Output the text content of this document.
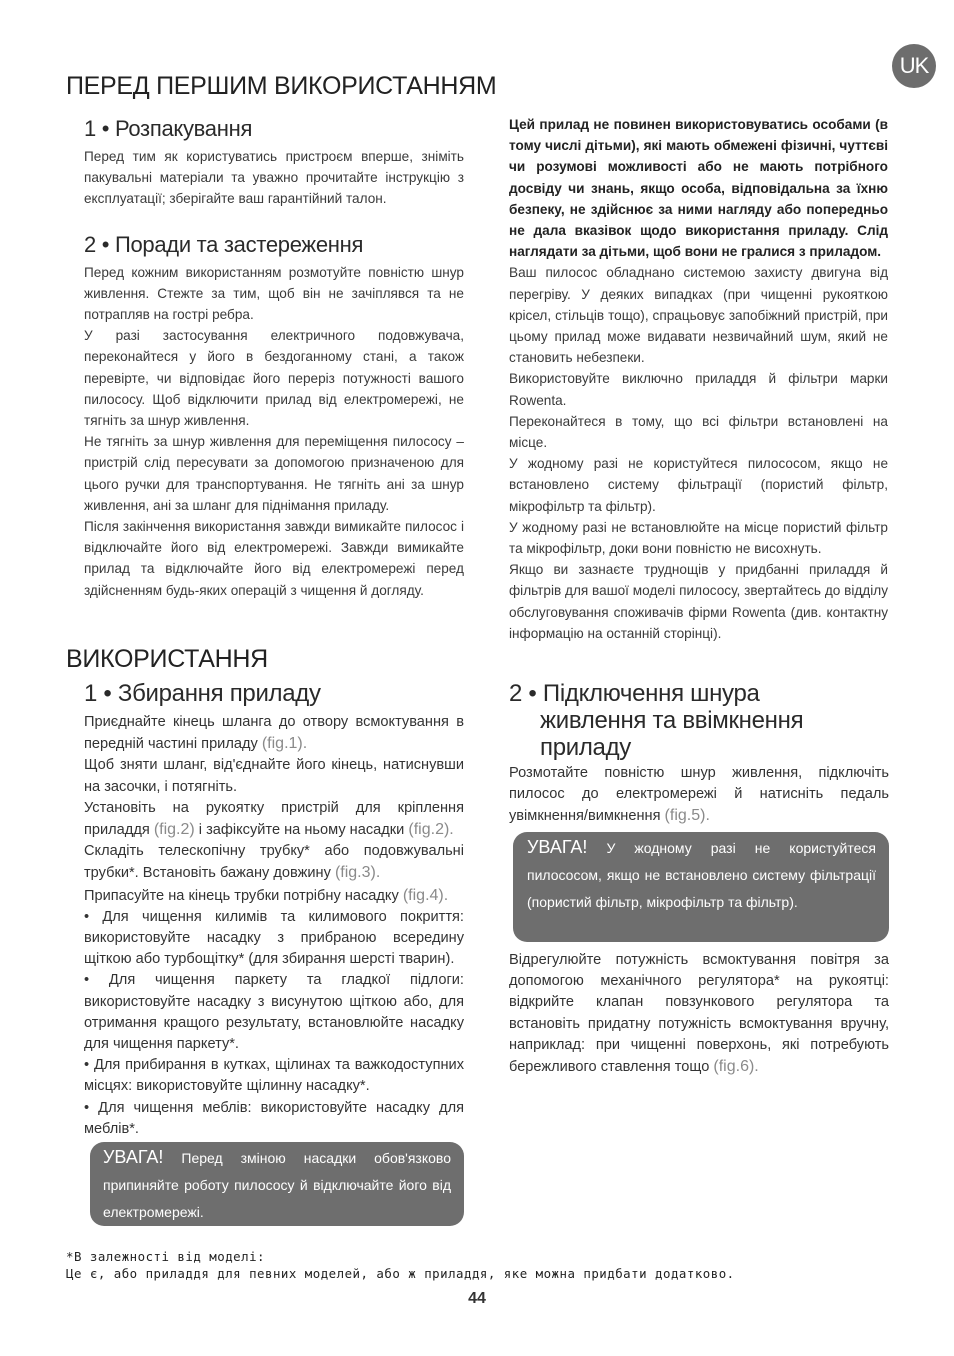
UK
ПЕРЕД ПЕРШИМ ВИКОРИСТАННЯМ
1 • Розпакування

Перед тим як користуватись пристроєм вперше, зніміть пакувальні матеріали та уважно прочитайте інструкцію з експлуатації; зберігайте ваш гарантійний талон.

2 • Поради та застереження

Перед кожним використанням розмотуйте повністю шнур живлення. Стежте за тим, щоб він не зачіплявся та не потрапляв на гострі ребра.

У разі застосування електричного подовжувача, переконайтеся у його в бездоганному стані, а також перевірте, чи відповідає його переріз потужності вашого пилососу. Щоб відключити прилад від електромережі, не тягніть за шнур живлення.

Не тягніть за шнур живлення для переміщення пилососу – пристрій слід пересувати за допомогою призначеною для цього ручки для транспортування. Не тягніть ані за шнур живлення, ані за шланг для піднімання приладу.

Після закінчення використання завжди вимикайте пилосос і відключайте його від електромережі. Завжди вимикайте прилад та відключайте його від електромережі перед здійсненням будь-яких операцій з чищення й догляду.

Цей прилад не повинен використовуватись особами (в тому числі дітьми), які мають обмежені фізичні, чуттєві чи розумові можливості або не мають потрібного досвіду чи знань, якщо особа, відповідальна за їхню безпеку, не здійснює за ними нагляду або попередньо не дала вказівок щодо використання приладу. Слід наглядати за дітьми, щоб вони не гралися з приладом.

Ваш пилосос обладнано системою захисту двигуна від перегріву. У деяких випадках (при чищенні рукояткою крісел, стільців тощо), спрацьовує запобіжний пристрій, при цьому прилад може видавати незвичайний шум, який не становить небезпеки.

Використовуйте виключно приладдя й фільтри марки Rowenta.

Переконайтеся в тому, що всі фільтри встановлені на місце.

У жодному разі не користуйтеся пилососом, якщо не встановлено систему фільтрації (пористий фільтр, мікрофільтр та фільтр).

У жодному разі не встановлюйте на місце пористий фільтр та мікрофільтр, доки вони повністю не висохнуть.

Якщо ви зазнаєте труднощів у придбанні приладдя й фільтрів для вашої моделі пилососу, звертайтесь до відділу обслуговування споживачів фірми Rowenta (див. контактну інформацію на останній сторінці).

ВИКОРИСТАННЯ
1 • Збирання приладу

Приєднайте кінець шланга до отвору всмоктування в передній частині приладу (fig.1).

Щоб зняти шланг, від'єднайте його кінець, натиснувши на засочки, і потягніть.

Установіть на рукоятку пристрій для кріплення приладдя (fig.2) і зафіксуйте на ньому насадки (fig.2).

Складіть телескопічну трубку* або подовжувальні трубки*. Встановіть бажану довжину (fig.3).

Припасуйте на кінець трубки потрібну насадку (fig.4).

• Для чищення килимів та килимового покриття: використовуйте насадку з прибраною всередину щіткою або турбощітку* (для збирання шерсті тварин).

• Для чищення паркету та гладкої підлоги: використовуйте насадку з висунутою щіткою або, для отримання кращого результату, встановлюйте насадку для чищення паркету*.

• Для прибирання в кутках, щілинах та важкодоступних місцях: використовуйте щілинну насадку*.

• Для чищення меблів: використовуйте насадку для меблів*.

УВАГА! Перед зміною насадки обов'язково припиняйте роботу пилососу й відключайте його від електромережі.

2 • Підключення шнура
живлення та ввімкнення
приладу

Розмотайте повністю шнур живлення, підключіть пилосос до електромережі й натисніть педаль увімкнення/вимкнення (fig.5).

УВАГА! У жодному разі не користуйтеся пилососом, якщо не встановлено систему фільтрації (пористий фільтр, мікрофільтр та фільтр).

Відрегулюйте потужність всмоктування повітря за допомогою механічного регулятора* на рукоятці: відкрийте клапан повзункового регулятора та встановіть придатну потужність всмоктування вручну, наприклад: при чищенні поверхонь, які потребують бережливого ставлення тощо (fig.6).

*В залежності від моделі:
Це є, або приладдя для певних моделей, або ж приладдя, яке можна придбати додатково.
44
